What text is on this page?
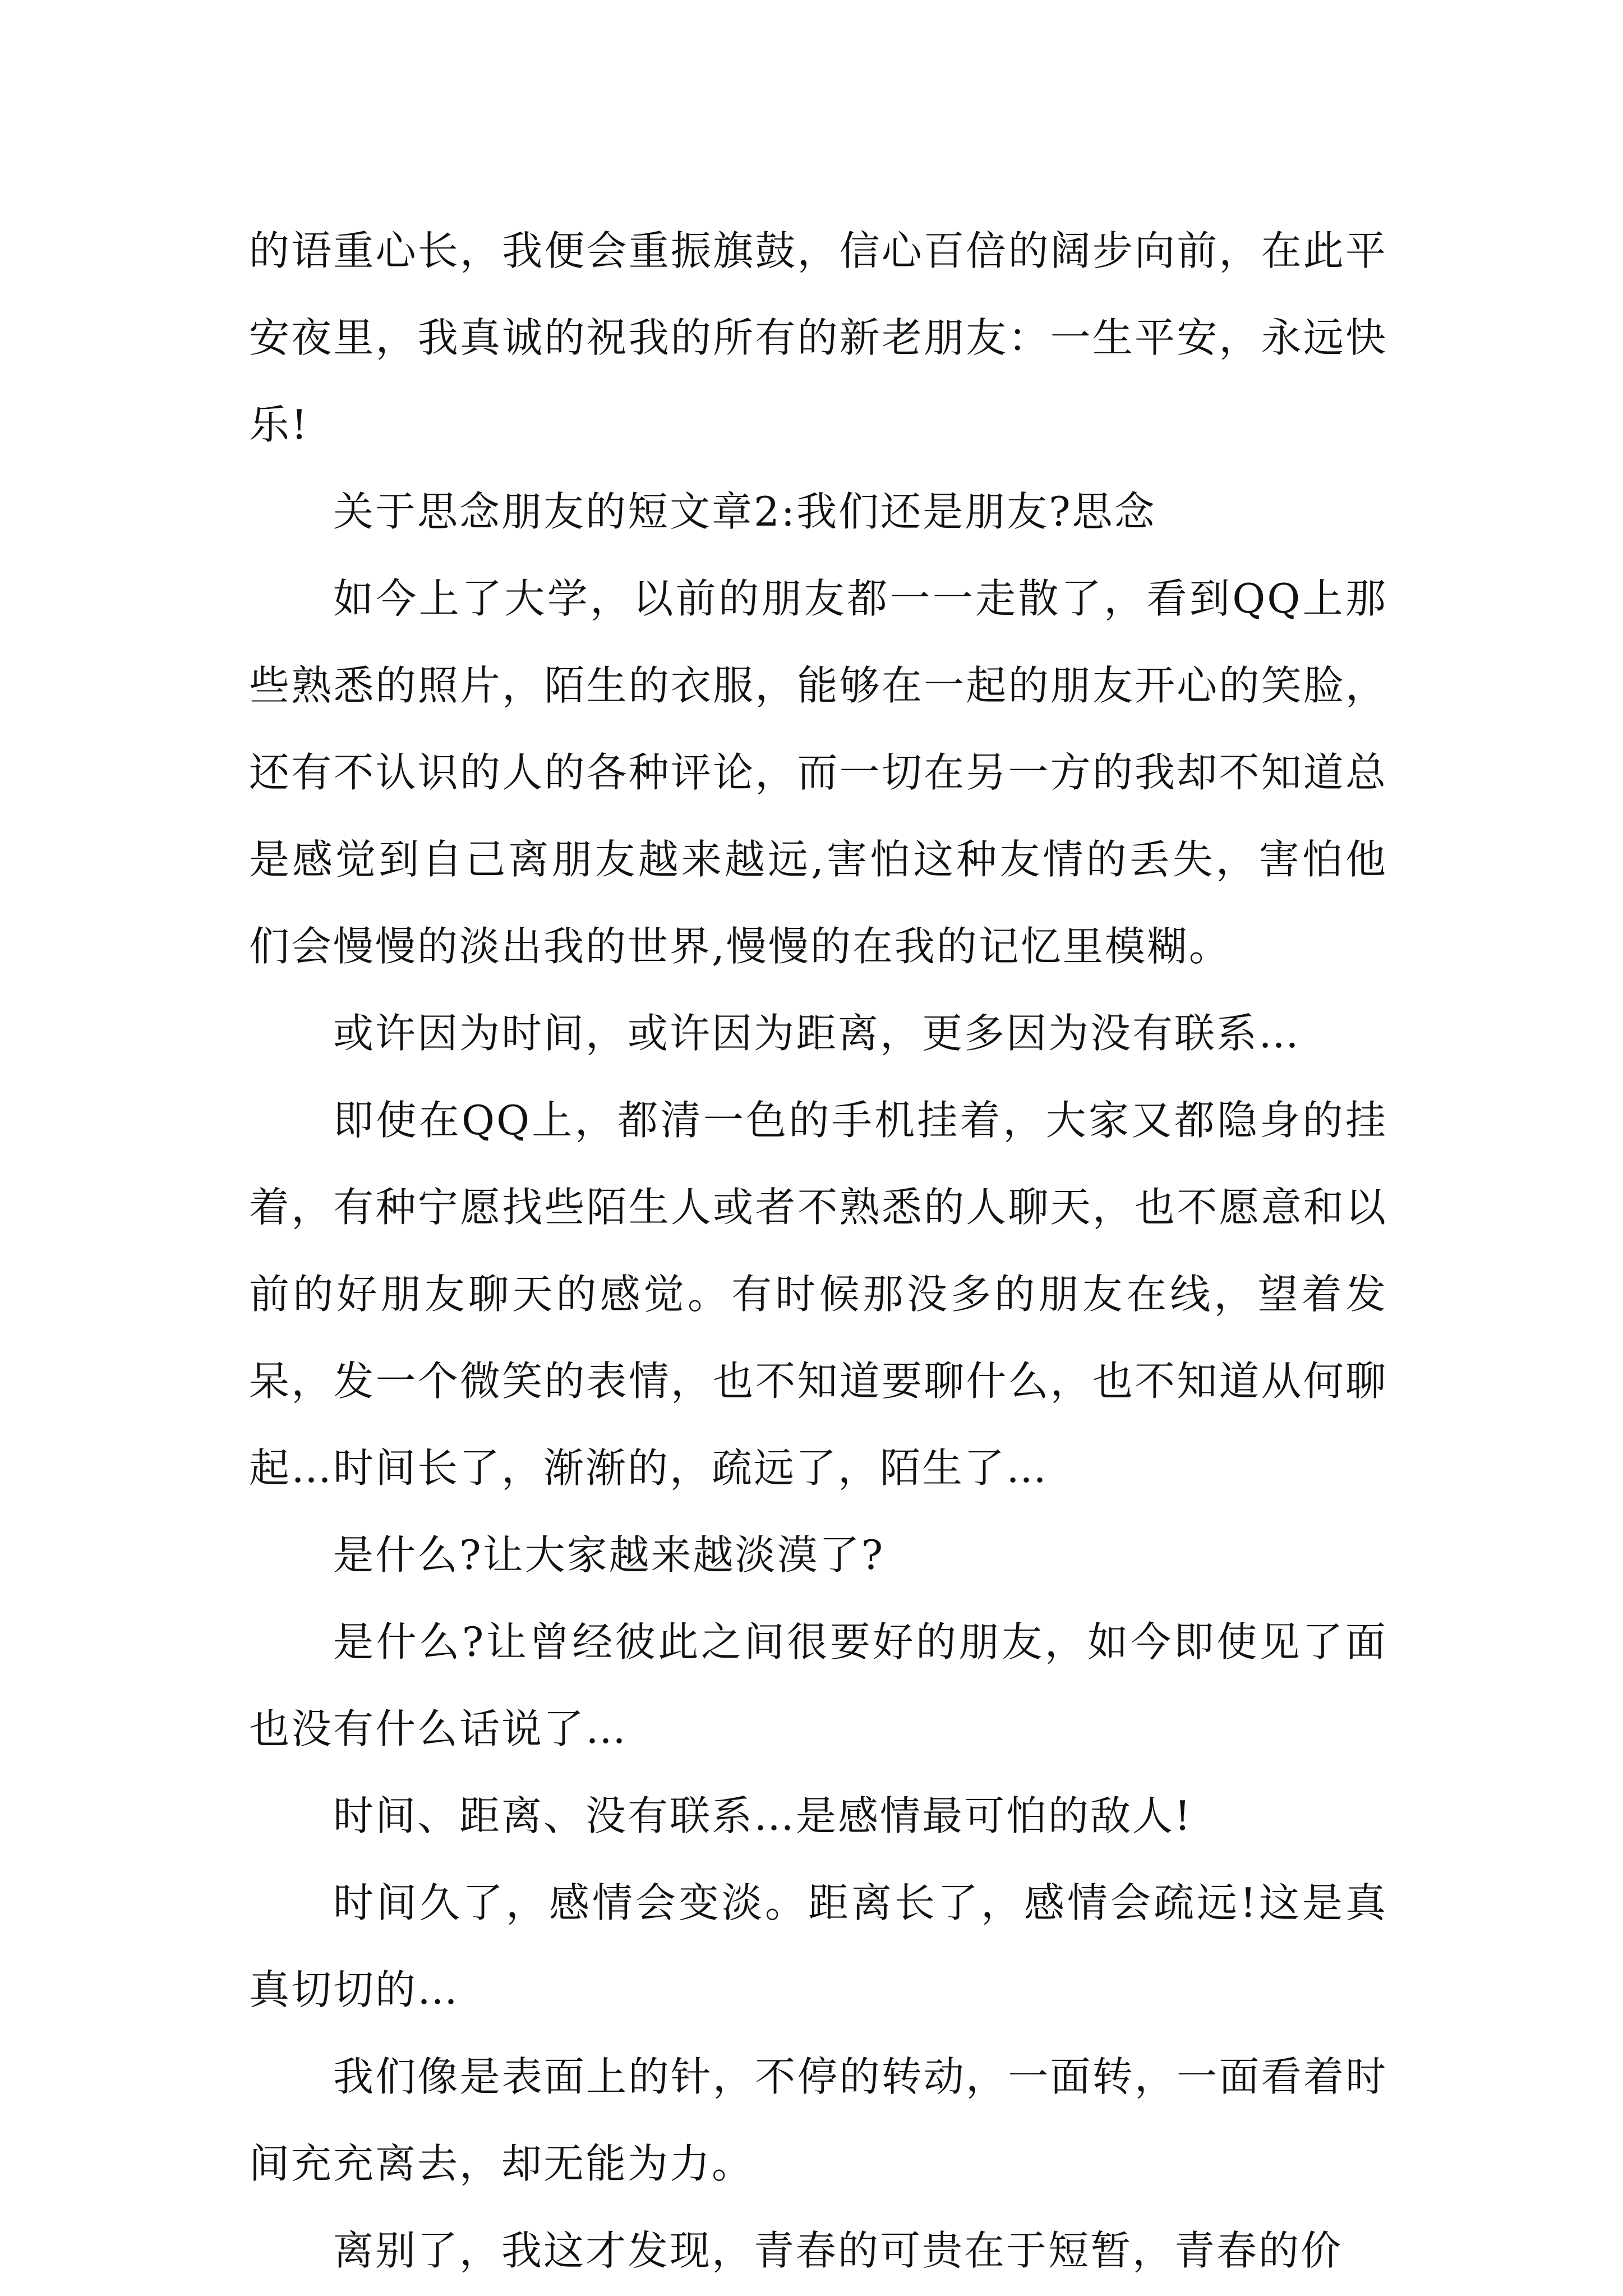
的语重心长，我便会重振旗鼓，信心百倍的阔步向前，在此平安夜里，我真诚的祝我的所有的新老朋友：一生平安，永远快乐!

关于思念朋友的短文章2:我们还是朋友?思念

如今上了大学，以前的朋友都一一走散了，看到QQ上那些熟悉的照片，陌生的衣服，能够在一起的朋友开心的笑脸，还有不认识的人的各种评论，而一切在另一方的我却不知道总是感觉到自己离朋友越来越远,害怕这种友情的丢失，害怕他们会慢慢的淡出我的世界,慢慢的在我的记忆里模糊。

或许因为时间，或许因为距离，更多因为没有联系…

即使在QQ上，都清一色的手机挂着，大家又都隐身的挂着，有种宁愿找些陌生人或者不熟悉的人聊天，也不愿意和以前的好朋友聊天的感觉。有时候那没多的朋友在线，望着发呆，发一个微笑的表情，也不知道要聊什么，也不知道从何聊起…时间长了，渐渐的，疏远了，陌生了…

是什么?让大家越来越淡漠了?

是什么?让曾经彼此之间很要好的朋友，如今即使见了面也没有什么话说了…

时间、距离、没有联系…是感情最可怕的敌人!

时间久了，感情会变淡。距离长了，感情会疏远!这是真真切切的…

我们像是表面上的针，不停的转动，一面转，一面看着时间充充离去，却无能为力。

离别了，我这才发现，青春的可贵在于短暂，青春的价
